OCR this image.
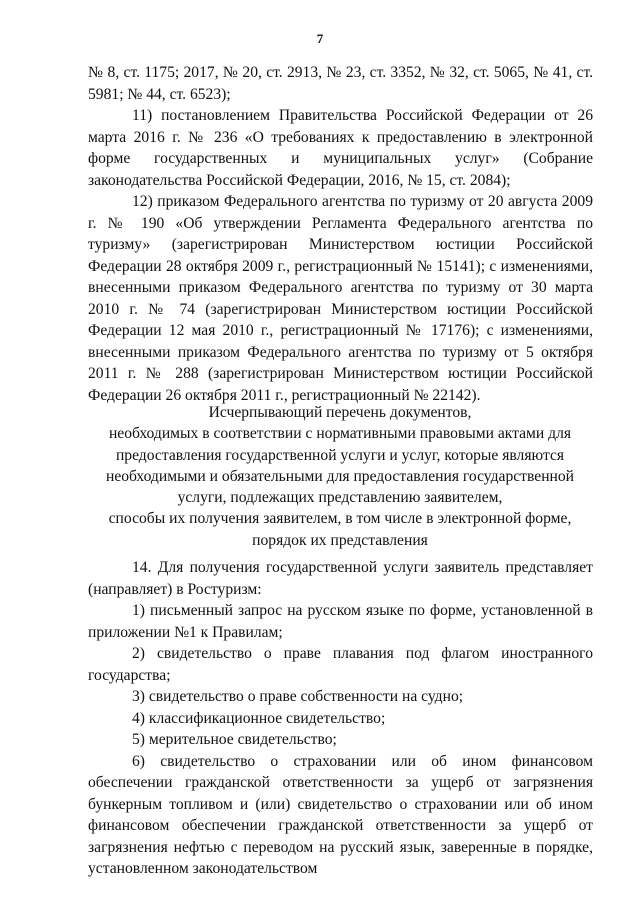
7

№ 8, ст. 1175; 2017, № 20, ст. 2913, № 23, ст. 3352, № 32, ст. 5065, № 41, ст. 5981; № 44, ст. 6523);

11) постановлением Правительства Российской Федерации от 26 марта 2016 г. № 236 «О требованиях к предоставлению в электронной форме государственных и муниципальных услуг» (Собрание законодательства Российской Федерации, 2016, № 15, ст. 2084);

12) приказом Федерального агентства по туризму от 20 августа 2009 г. № 190 «Об утверждении Регламента Федерального агентства по туризму» (зарегистрирован Министерством юстиции Российской Федерации 28 октября 2009 г., регистрационный № 15141); с изменениями, внесенными приказом Федерального агентства по туризму от 30 марта 2010 г. № 74 (зарегистрирован Министерством юстиции Российской Федерации 12 мая 2010 г., регистрационный № 17176); с изменениями, внесенными приказом Федерального агентства по туризму от 5 октября 2011 г. № 288 (зарегистрирован Министерством юстиции Российской Федерации 26 октября 2011 г., регистрационный № 22142).

Исчерпывающий перечень документов,
необходимых в соответствии с нормативными правовыми актами для
предоставления государственной услуги и услуг, которые являются
необходимыми и обязательными для предоставления государственной
услуги, подлежащих представлению заявителем,
способы их получения заявителем, в том числе в электронной форме,
порядок их представления

14. Для получения государственной услуги заявитель представляет (направляет) в Ростуризм:

1) письменный запрос на русском языке по форме, установленной в приложении №1 к Правилам;

2) свидетельство о праве плавания под флагом иностранного государства;

3) свидетельство о праве собственности на судно;

4) классификационное свидетельство;

5) мерительное свидетельство;

6) свидетельство о страховании или об ином финансовом обеспечении гражданской ответственности за ущерб от загрязнения бункерным топливом и (или) свидетельство о страховании или об ином финансовом обеспечении гражданской ответственности за ущерб от загрязнения нефтью с переводом на русский язык, заверенные в порядке, установленном законодательством
